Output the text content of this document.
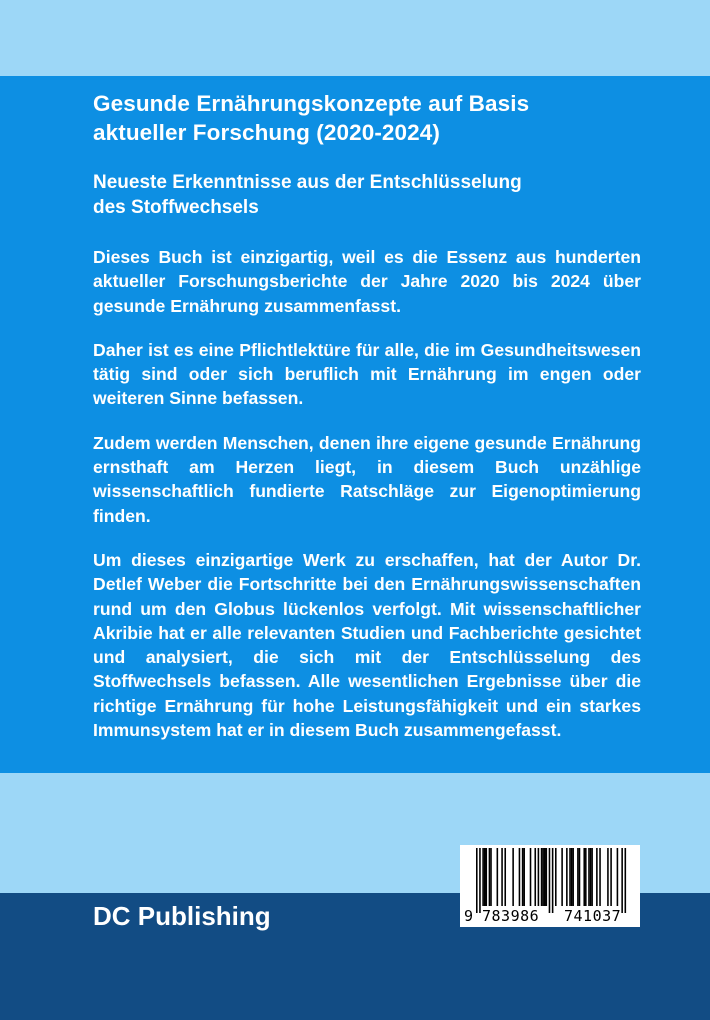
Gesunde Ernährungskonzepte auf Basis
aktueller Forschung (2020-2024)
Neueste Erkenntnisse aus der Entschlüsselung
des Stoffwechsels

Dieses Buch ist einzigartig, weil es die Essenz aus hunderten aktueller Forschungsberichte der Jahre 2020 bis 2024 über gesunde Ernährung zusammenfasst.

Daher ist es eine Pflichtlektüre für alle, die im Gesundheitswesen tätig sind oder sich beruflich mit Ernährung im engen oder weiteren Sinne befassen.

Zudem werden Menschen, denen ihre eigene gesunde Ernährung ernsthaft am Herzen liegt, in diesem Buch unzählige wissenschaftlich fundierte Ratschläge zur Eigenoptimierung finden.

Um dieses einzigartige Werk zu erschaffen, hat der Autor Dr. Detlef Weber die Fortschritte bei den Ernährungswissenschaften rund um den Globus lückenlos verfolgt. Mit wissenschaftlicher Akribie hat er alle relevanten Studien und Fachberichte gesichtet und analysiert, die sich mit der Entschlüsselung des Stoffwechsels befassen. Alle wesentlichen Ergebnisse über die richtige Ernährung für hohe Leistungsfähigkeit und ein starkes Immunsystem hat er in diesem Buch zusammengefasst.

DC Publishing	9 783986 741037
